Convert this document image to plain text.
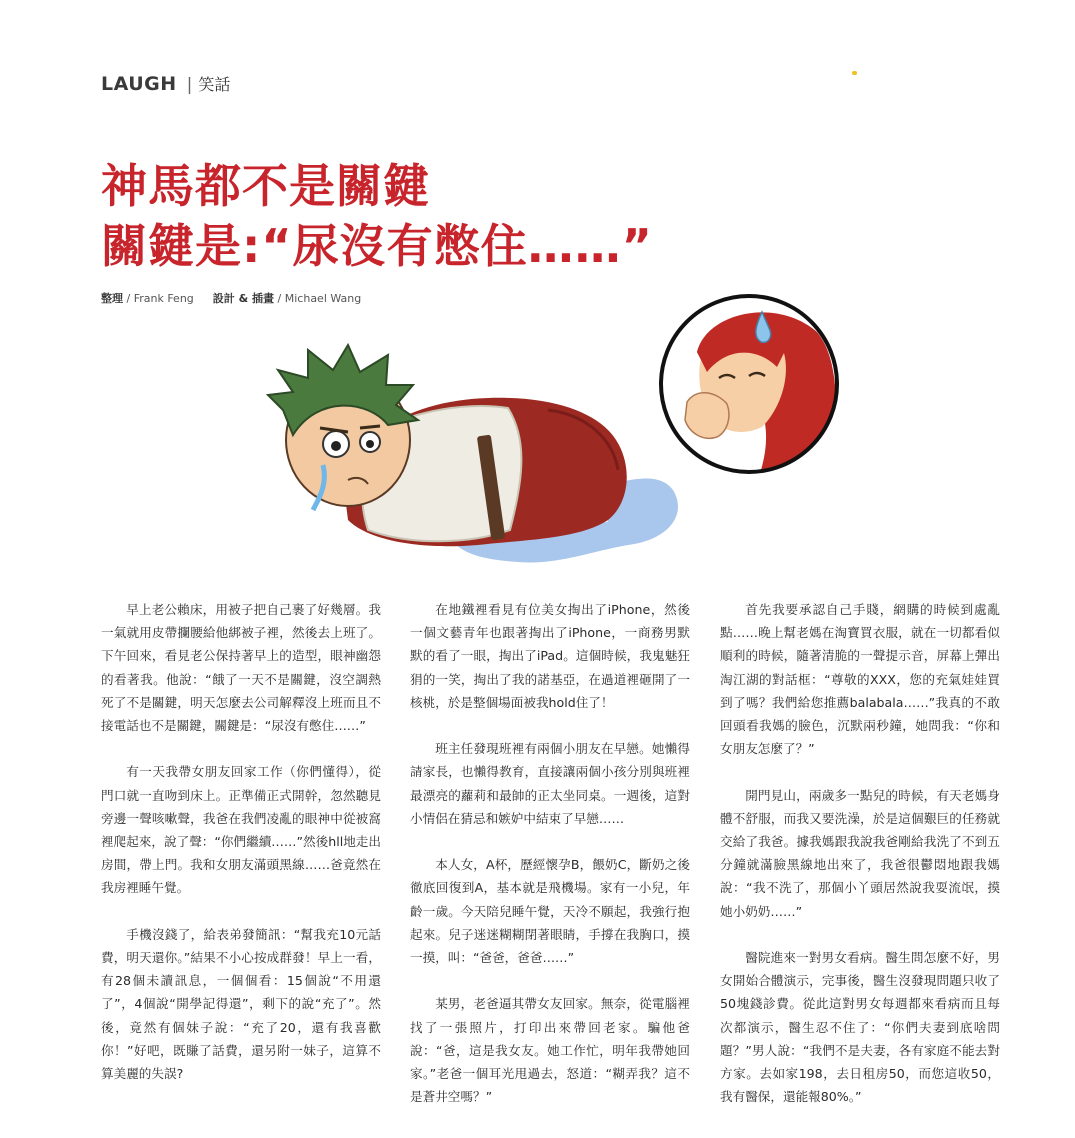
LAUGH | 笑話
神馬都不是關鍵
關鍵是:“尿沒有憋住……”
整理 / Frank Feng 設計 & 插畫 / Michael Wang

早上老公賴床，用被子把自己裹了好幾層。我一氣就用皮帶攔腰給他綁被子裡，然後去上班了。下午回來，看見老公保持著早上的造型，眼神幽怨的看著我。他說：“餓了一天不是關鍵，沒空調熱死了不是關鍵，明天怎麼去公司解釋沒上班而且不接電話也不是關鍵，關鍵是：“尿沒有憋住……”

有一天我帶女朋友回家工作（你們懂得），從門口就一直吻到床上。正準備正式開幹，忽然聽見旁邊一聲咳嗽聲，我爸在我們凌亂的眼神中從被窩裡爬起來，說了聲：“你們繼續……”然後hll地走出房間，帶上門。我和女朋友滿頭黑線……爸竟然在我房裡睡午覺。

手機沒錢了，給表弟發簡訊：“幫我充10元話費，明天還你。”結果不小心按成群發！早上一看，有28個未讀訊息，一個個看：15個說“不用還了”，4個說“開學記得還”，剩下的說“充了”。然後，竟然有個妹子說：“充了20，還有我喜歡你！”好吧，既賺了話費，還另附一妹子，這算不算美麗的失誤?

在地鐵裡看見有位美女掏出了iPhone，然後一個文藝青年也跟著掏出了iPhone，一商務男默默的看了一眼，掏出了iPad。這個時候，我鬼魅狂狷的一笑，掏出了我的諾基亞，在過道裡砸開了一核桃，於是整個場面被我hold住了！

班主任發現班裡有兩個小朋友在早戀。她懶得請家長，也懶得教育，直接讓兩個小孩分別與班裡最漂亮的蘿莉和最帥的正太坐同桌。一週後，這對小情侶在猜忌和嫉妒中結束了早戀……

本人女，A杯，歷經懷孕B，餵奶C，斷奶之後徹底回復到A，基本就是飛機場。家有一小兒，年齡一歲。今天陪兒睡午覺，天冷不願起，我強行抱起來。兒子迷迷糊糊閉著眼睛，手撐在我胸口，摸一摸，叫：“爸爸，爸爸……”

某男，老爸逼其帶女友回家。無奈，從電腦裡找了一張照片，打印出來帶回老家。騙他爸說：“爸，這是我女友。她工作忙，明年我帶她回家。”老爸一個耳光甩過去，怒道：“糊弄我？這不是蒼井空嗎？”

首先我要承認自己手賤，網購的時候到處亂點……晚上幫老媽在淘寶買衣服，就在一切都看似順利的時候，隨著清脆的一聲提示音，屏幕上彈出淘江湖的對話框：“尊敬的XXX，您的充氣娃娃買到了嗎？我們給您推薦balabala……”我真的不敢回頭看我媽的臉色，沉默兩秒鐘，她問我：“你和女朋友怎麼了？”

開門見山，兩歲多一點兒的時候，有天老媽身體不舒服，而我又要洗澡，於是這個艱巨的任務就交給了我爸。據我媽跟我說我爸剛給我洗了不到五分鐘就滿臉黑線地出來了，我爸很鬱悶地跟我媽說：“我不洗了，那個小丫頭居然說我耍流氓，摸她小奶奶……”

醫院進來一對男女看病。醫生問怎麼不好，男女開始合體演示，完事後，醫生沒發現問題只收了50塊錢診費。從此這對男女每週都來看病而且每次都演示，醫生忍不住了：“你們夫妻到底啥問題？”男人說：“我們不是夫妻，各有家庭不能去對方家。去如家198，去日租房50，而您這收50，我有醫保，還能報80%。”
